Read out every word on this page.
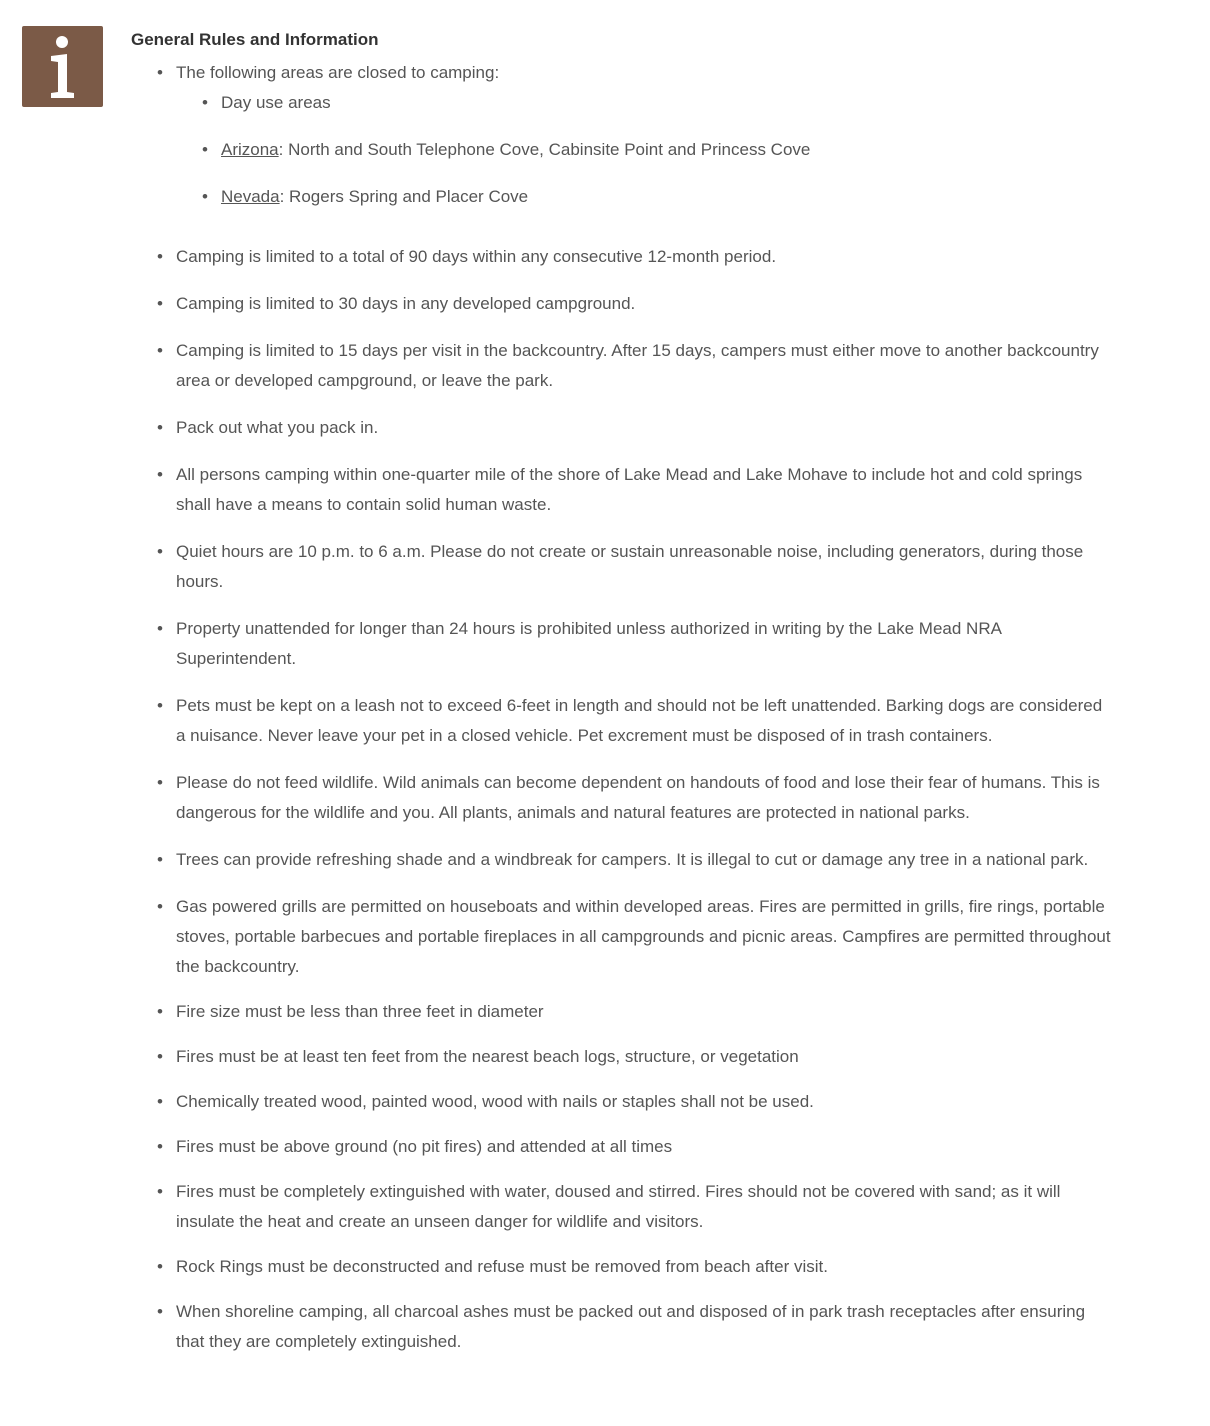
General Rules and Information
• The following areas are closed to camping:
• Day use areas
• Arizona: North and South Telephone Cove, Cabinsite Point and Princess Cove
• Nevada: Rogers Spring and Placer Cove
• Camping is limited to a total of 90 days within any consecutive 12-month period.
• Camping is limited to 30 days in any developed campground.
• Camping is limited to 15 days per visit in the backcountry. After 15 days, campers must either move to another backcountry area or developed campground, or leave the park.
• Pack out what you pack in.
• All persons camping within one-quarter mile of the shore of Lake Mead and Lake Mohave to include hot and cold springs shall have a means to contain solid human waste.
• Quiet hours are 10 p.m. to 6 a.m. Please do not create or sustain unreasonable noise, including generators, during those hours.
• Property unattended for longer than 24 hours is prohibited unless authorized in writing by the Lake Mead NRA Superintendent.
• Pets must be kept on a leash not to exceed 6-feet in length and should not be left unattended. Barking dogs are considered a nuisance. Never leave your pet in a closed vehicle. Pet excrement must be disposed of in trash containers.
• Please do not feed wildlife. Wild animals can become dependent on handouts of food and lose their fear of humans. This is dangerous for the wildlife and you. All plants, animals and natural features are protected in national parks.
• Trees can provide refreshing shade and a windbreak for campers. It is illegal to cut or damage any tree in a national park.
• Gas powered grills are permitted on houseboats and within developed areas. Fires are permitted in grills, fire rings, portable stoves, portable barbecues and portable fireplaces in all campgrounds and picnic areas. Campfires are permitted throughout the backcountry.
• Fire size must be less than three feet in diameter
• Fires must be at least ten feet from the nearest beach logs, structure, or vegetation
• Chemically treated wood, painted wood, wood with nails or staples shall not be used.
• Fires must be above ground (no pit fires) and attended at all times
• Fires must be completely extinguished with water, doused and stirred. Fires should not be covered with sand; as it will insulate the heat and create an unseen danger for wildlife and visitors.
• Rock Rings must be deconstructed and refuse must be removed from beach after visit.
• When shoreline camping, all charcoal ashes must be packed out and disposed of in park trash receptacles after ensuring that they are completely extinguished.
